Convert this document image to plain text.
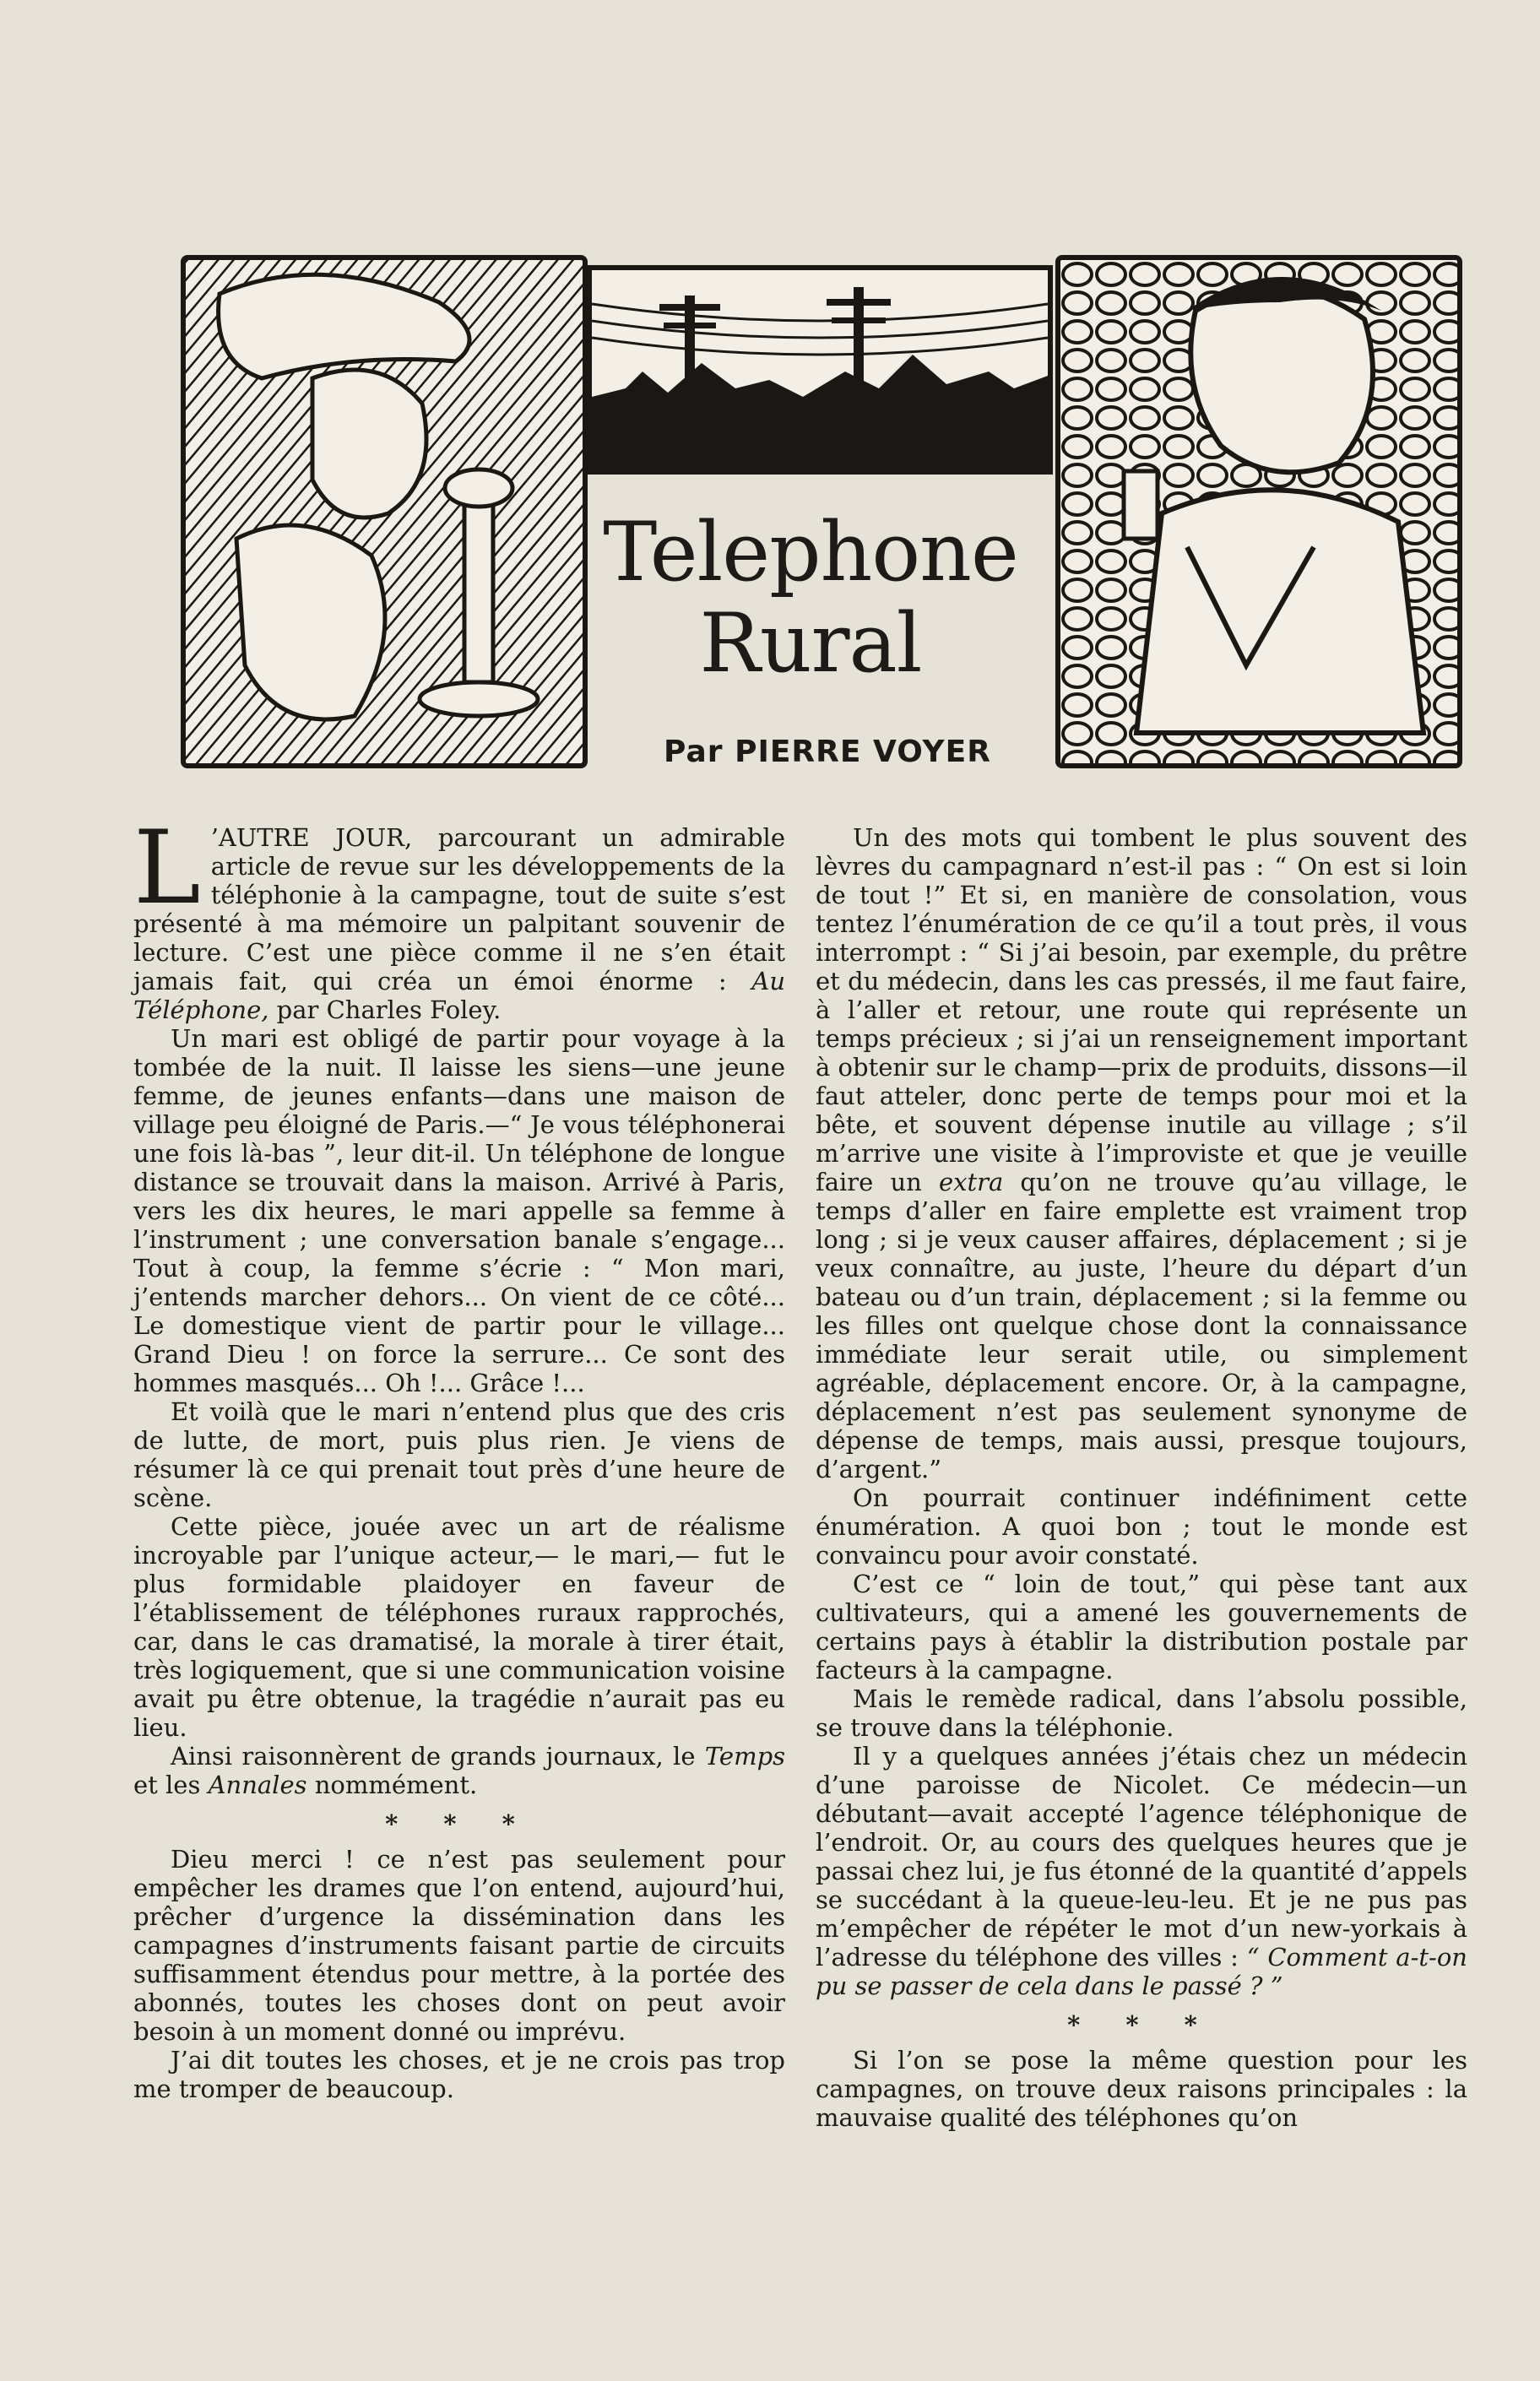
Telephone
Rural
Par PIERRE VOYER

L ’AUTRE JOUR, parcourant un admirable article de revue sur les développements de la téléphonie à la campagne, tout de suite s’est présenté à ma mémoire un palpitant souvenir de lecture. C’est une pièce comme il ne s’en était jamais fait, qui créa un émoi énorme : Au Téléphone, par Charles Foley.

Un mari est obligé de partir pour voyage à la tombée de la nuit. Il laisse les siens—une jeune femme, de jeunes enfants—dans une maison de village peu éloigné de Paris.—“ Je vous téléphonerai une fois là-bas ”, leur dit-il. Un téléphone de longue distance se trouvait dans la maison. Arrivé à Paris, vers les dix heures, le mari appelle sa femme à l’instrument ; une conversation banale s’engage... Tout à coup, la femme s’écrie : “ Mon mari, j’entends marcher dehors... On vient de ce côté... Le domestique vient de partir pour le village... Grand Dieu ! on force la serrure... Ce sont des hommes masqués... Oh !... Grâce !...

Et voilà que le mari n’entend plus que des cris de lutte, de mort, puis plus rien. Je viens de résumer là ce qui prenait tout près d’une heure de scène.

Cette pièce, jouée avec un art de réalisme incroyable par l’unique acteur,— le mari,— fut le plus formidable plaidoyer en faveur de l’établissement de téléphones ruraux rapprochés, car, dans le cas dramatisé, la morale à tirer était, très logiquement, que si une communication voisine avait pu être obtenue, la tragédie n’aurait pas eu lieu.

Ainsi raisonnèrent de grands journaux, le Temps et les Annales nommément.

* * *

Dieu merci ! ce n’est pas seulement pour empêcher les drames que l’on entend, aujourd’hui, prêcher d’urgence la dissémination dans les campagnes d’instruments faisant partie de circuits suffisamment étendus pour mettre, à la portée des abonnés, toutes les choses dont on peut avoir besoin à un moment donné ou imprévu.

J’ai dit toutes les choses, et je ne crois pas trop me tromper de beaucoup.

Un des mots qui tombent le plus souvent des lèvres du campagnard n’est-il pas : “ On est si loin de tout !” Et si, en manière de consolation, vous tentez l’énumération de ce qu’il a tout près, il vous interrompt : “ Si j’ai besoin, par exemple, du prêtre et du médecin, dans les cas pressés, il me faut faire, à l’aller et retour, une route qui représente un temps précieux ; si j’ai un renseignement important à obtenir sur le champ—prix de produits, dissons—il faut atteler, donc perte de temps pour moi et la bête, et souvent dépense inutile au village ; s’il m’arrive une visite à l’improviste et que je veuille faire un extra qu’on ne trouve qu’au village, le temps d’aller en faire emplette est vraiment trop long ; si je veux causer affaires, déplacement ; si je veux connaître, au juste, l’heure du départ d’un bateau ou d’un train, déplacement ; si la femme ou les filles ont quelque chose dont la connaissance immédiate leur serait utile, ou simplement agréable, déplacement encore. Or, à la campagne, déplacement n’est pas seulement synonyme de dépense de temps, mais aussi, presque toujours, d’argent.”

On pourrait continuer indéfiniment cette énumération. A quoi bon ; tout le monde est convaincu pour avoir constaté.

C’est ce “ loin de tout,” qui pèse tant aux cultivateurs, qui a amené les gouvernements de certains pays à établir la distribution postale par facteurs à la campagne.

Mais le remède radical, dans l’absolu possible, se trouve dans la téléphonie.

Il y a quelques années j’étais chez un médecin d’une paroisse de Nicolet. Ce médecin—un débutant—avait accepté l’agence téléphonique de l’endroit. Or, au cours des quelques heures que je passai chez lui, je fus étonné de la quantité d’appels se succédant à la queue-leu-leu. Et je ne pus pas m’empêcher de répéter le mot d’un new-yorkais à l’adresse du téléphone des villes : “ Comment a-t-on pu se passer de cela dans le passé ? ”

* * *

Si l’on se pose la même question pour les campagnes, on trouve deux raisons principales : la mauvaise qualité des téléphones qu’on
